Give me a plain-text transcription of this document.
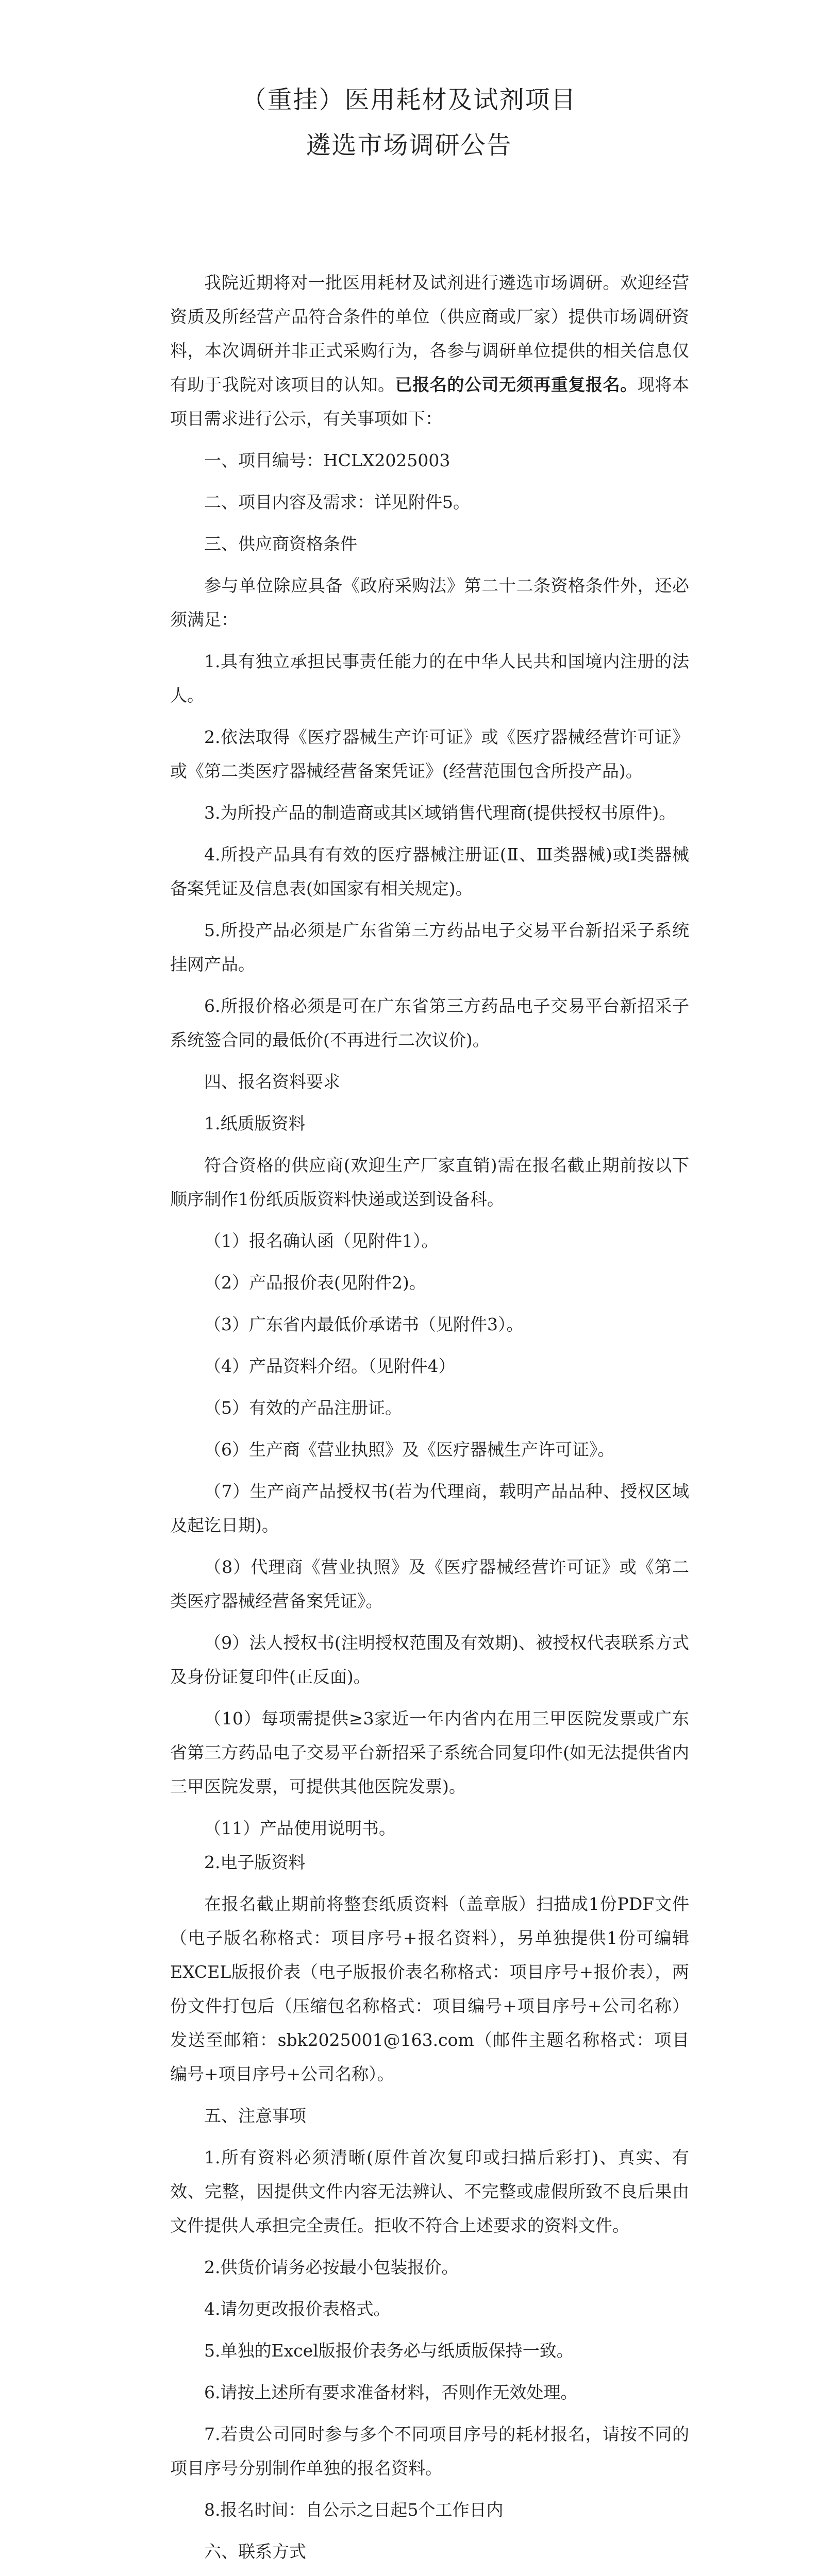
（重挂）医用耗材及试剂项目
遴选市场调研公告

我院近期将对一批医用耗材及试剂进行遴选市场调研。欢迎经营资质及所经营产品符合条件的单位（供应商或厂家）提供市场调研资料，本次调研并非正式采购行为，各参与调研单位提供的相关信息仅有助于我院对该项目的认知。已报名的公司无须再重复报名。现将本项目需求进行公示，有关事项如下：

一、项目编号：HCLX2025003

二、项目内容及需求：详见附件5。

三、供应商资格条件

参与单位除应具备《政府采购法》第二十二条资格条件外，还必须满足：

1.具有独立承担民事责任能力的在中华人民共和国境内注册的法人。

2.依法取得《医疗器械生产许可证》或《医疗器械经营许可证》或《第二类医疗器械经营备案凭证》(经营范围包含所投产品)。

3.为所投产品的制造商或其区域销售代理商(提供授权书原件)。

4.所投产品具有有效的医疗器械注册证(Ⅱ、Ⅲ类器械)或Ⅰ类器械备案凭证及信息表(如国家有相关规定)。

5.所投产品必须是广东省第三方药品电子交易平台新招采子系统挂网产品。

6.所报价格必须是可在广东省第三方药品电子交易平台新招采子系统签合同的最低价(不再进行二次议价)。

四、报名资料要求

1.纸质版资料

符合资格的供应商(欢迎生产厂家直销)需在报名截止期前按以下顺序制作1份纸质版资料快递或送到设备科。

（1）报名确认函（见附件1）。

（2）产品报价表(见附件2)。

（3）广东省内最低价承诺书（见附件3）。

（4）产品资料介绍。（见附件4）

（5）有效的产品注册证。

（6）生产商《营业执照》及《医疗器械生产许可证》。

（7）生产商产品授权书(若为代理商，载明产品品种、授权区域及起讫日期)。

（8）代理商《营业执照》及《医疗器械经营许可证》或《第二类医疗器械经营备案凭证》。

（9）法人授权书(注明授权范围及有效期)、被授权代表联系方式及身份证复印件(正反面)。

（10）每项需提供≥3家近一年内省内在用三甲医院发票或广东省第三方药品电子交易平台新招采子系统合同复印件(如无法提供省内三甲医院发票，可提供其他医院发票)。

（11）产品使用说明书。

2.电子版资料

在报名截止期前将整套纸质资料（盖章版）扫描成1份PDF文件（电子版名称格式：项目序号+报名资料），另单独提供1份可编辑EXCEL版报价表（电子版报价表名称格式：项目序号+报价表），两份文件打包后（压缩包名称格式：项目编号+项目序号+公司名称）发送至邮箱：sbk2025001@163.com（邮件主题名称格式：项目编号+项目序号+公司名称）。

五、注意事项

1.所有资料必须清晰(原件首次复印或扫描后彩打)、真实、有效、完整，因提供文件内容无法辨认、不完整或虚假所致不良后果由文件提供人承担完全责任。拒收不符合上述要求的资料文件。

2.供货价请务必按最小包装报价。

4.请勿更改报价表格式。

5.单独的Excel版报价表务必与纸质版保持一致。

6.请按上述所有要求准备材料，否则作无效处理。

7.若贵公司同时参与多个不同项目序号的耗材报名，请按不同的项目序号分别制作单独的报名资料。

8.报名时间：自公示之日起5个工作日内

六、联系方式
